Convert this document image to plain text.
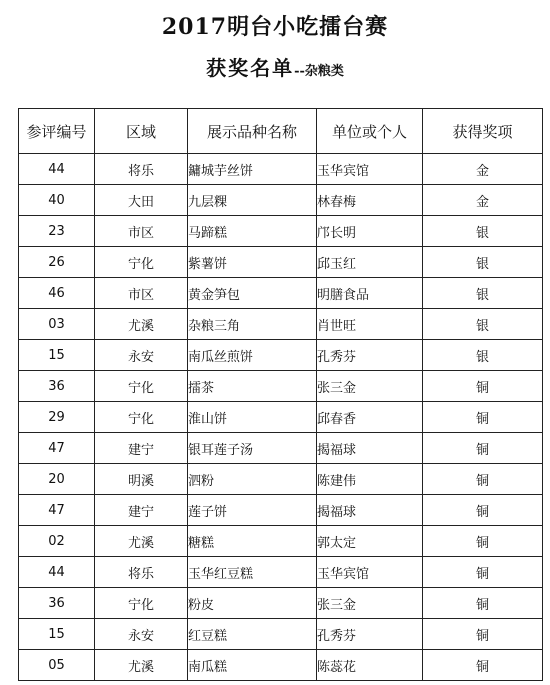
2017明台小吃擂台赛
获奖名单--杂粮类
参评编号	区域	展示品种名称	单位或个人	获得奖项
44	将乐	鏞城芋丝饼	玉华宾馆	金
40	大田	九层粿	林春梅	金
23	市区	马蹄糕	邝长明	银
26	宁化	紫薯饼	邱玉红	银
46	市区	黄金笋包	明膳食品	银
03	尤溪	杂粮三角	肖世旺	银
15	永安	南瓜丝煎饼	孔秀芬	银
36	宁化	擂茶	张三金	铜
29	宁化	淮山饼	邱春香	铜
47	建宁	银耳莲子汤	揭福球	铜
20	明溪	泗粉	陈建伟	铜
47	建宁	莲子饼	揭福球	铜
02	尤溪	糖糕	郭太定	铜
44	将乐	玉华红豆糕	玉华宾馆	铜
36	宁化	粉皮	张三金	铜
15	永安	红豆糕	孔秀芬	铜
05	尤溪	南瓜糕	陈蕊花	铜
